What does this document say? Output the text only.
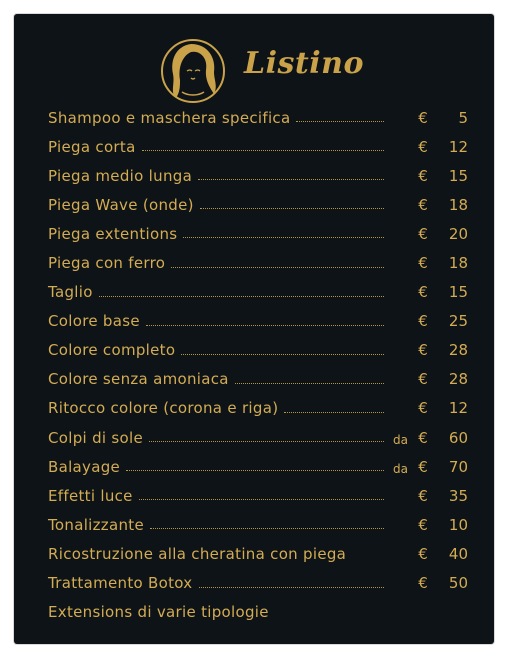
Listino
Shampoo e maschera specifica	€	5
Piega corta	€	12
Piega medio lunga	€	15
Piega Wave (onde)	€	18
Piega extentions	€	20
Piega con ferro	€	18
Taglio	€	15
Colore base	€	25
Colore completo	€	28
Colore senza amoniaca	€	28
Ritocco colore (corona e riga)	€	12
Colpi di sole	da €	60
Balayage	da €	70
Effetti luce	€	35
Tonalizzante	€	10
Ricostruzione alla cheratina con piega	€	40
Trattamento Botox	€	50
Extensions di varie tipologie
